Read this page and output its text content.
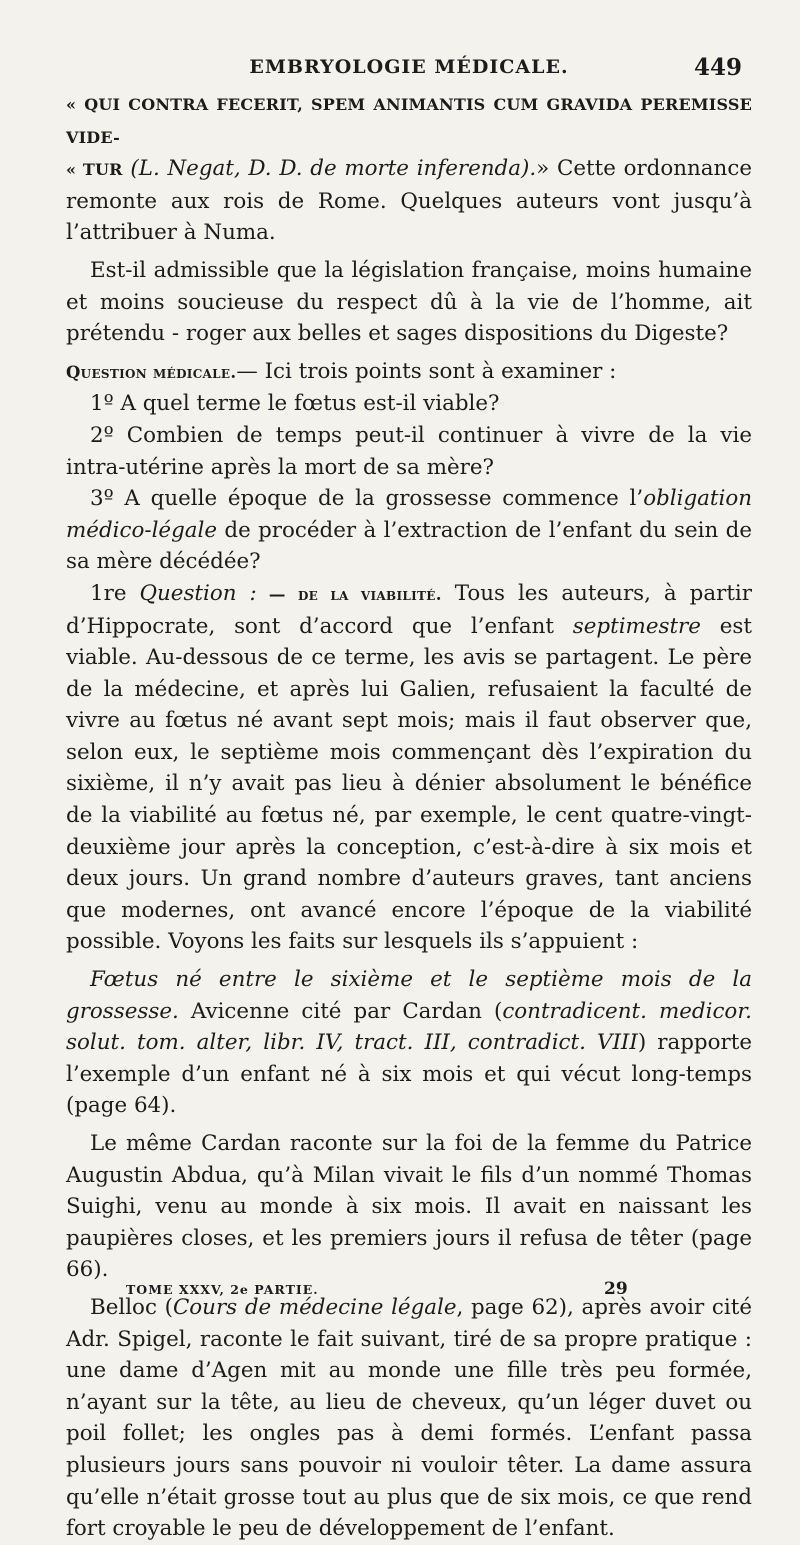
EMBRYOLOGIE MÉDICALE.	449

« QUI CONTRA FECERIT, SPEM ANIMANTIS CUM GRAVIDA PEREMISSE VIDE-
« TUR (L. Negat, D. D. de morte inferenda).» Cette ordonnance remonte aux rois de Rome. Quelques auteurs vont jusqu’à l’attribuer à Numa.

Est-il admissible que la législation française, moins humaine et moins soucieuse du respect dû à la vie de l’homme, ait prétendu - roger aux belles et sages dispositions du Digeste?

Question médicale.— Ici trois points sont à examiner :

1º A quel terme le fœtus est-il viable?

2º Combien de temps peut-il continuer à vivre de la vie intra-utérine après la mort de sa mère?

3º A quelle époque de la grossesse commence l’obligation médico-légale de procéder à l’extraction de l’enfant du sein de sa mère décédée?

1re Question : — de la viabilité. Tous les auteurs, à partir d’Hippocrate, sont d’accord que l’enfant septimestre est viable. Au-dessous de ce terme, les avis se partagent. Le père de la médecine, et après lui Galien, refusaient la faculté de vivre au fœtus né avant sept mois; mais il faut observer que, selon eux, le septième mois commençant dès l’expiration du sixième, il n’y avait pas lieu à dénier absolument le bénéfice de la viabilité au fœtus né, par exemple, le cent quatre-vingt-deuxième jour après la conception, c’est-à-dire à six mois et deux jours. Un grand nombre d’auteurs graves, tant anciens que modernes, ont avancé encore l’époque de la viabilité possible. Voyons les faits sur lesquels ils s’appuient :

Fœtus né entre le sixième et le septième mois de la grossesse. Avicenne cité par Cardan (contradicent. medicor. solut. tom. alter, libr. IV, tract. III, contradict. VIII) rapporte l’exemple d’un enfant né à six mois et qui vécut long-temps (page 64).

Le même Cardan raconte sur la foi de la femme du Patrice Augustin Abdua, qu’à Milan vivait le fils d’un nommé Thomas Suighi, venu au monde à six mois. Il avait en naissant les paupières closes, et les premiers jours il refusa de têter (page 66).

Belloc (Cours de médecine légale, page 62), après avoir cité Adr. Spigel, raconte le fait suivant, tiré de sa propre pratique : une dame d’Agen mit au monde une fille très peu formée, n’ayant sur la tête, au lieu de cheveux, qu’un léger duvet ou poil follet; les ongles pas à demi formés. L’enfant passa plusieurs jours sans pouvoir ni vouloir têter. La dame assura qu’elle n’était grosse tout au plus que de six mois, ce que rend fort croyable le peu de développement de l’enfant.

TOME XXXV, 2e PARTIE.	29
